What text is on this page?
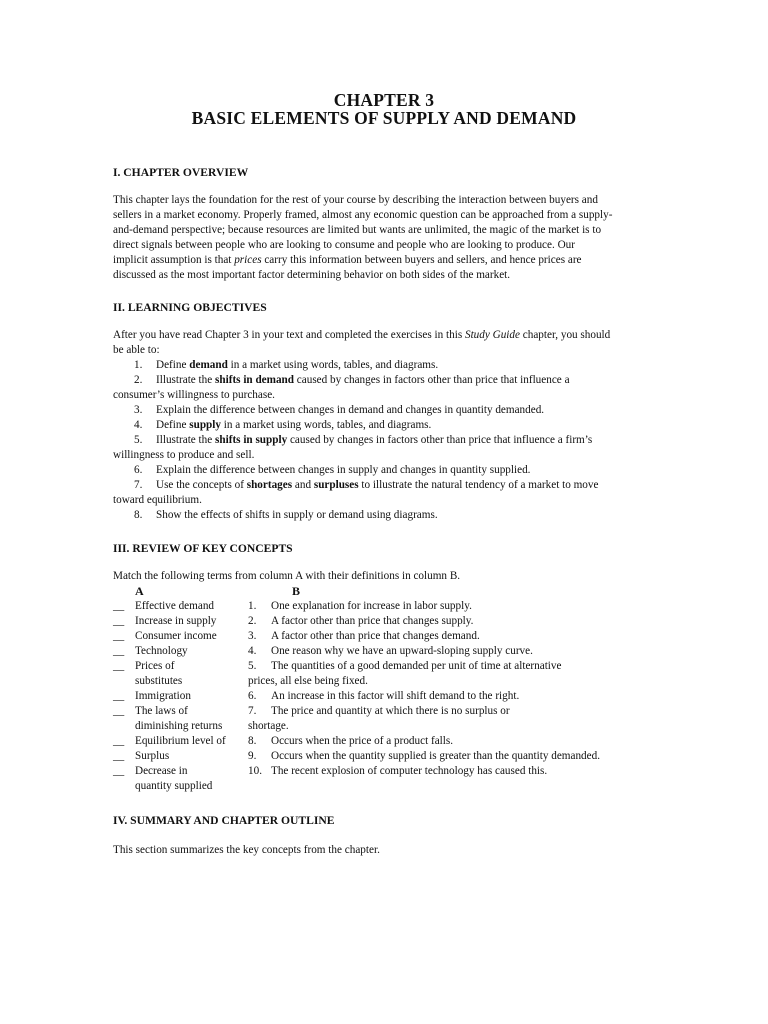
CHAPTER 3
BASIC ELEMENTS OF SUPPLY AND DEMAND
I. CHAPTER OVERVIEW
This chapter lays the foundation for the rest of your course by describing the interaction between buyers and
sellers in a market economy. Properly framed, almost any economic question can be approached from a supply-
and-demand perspective; because resources are limited but wants are unlimited, the magic of the market is to
direct signals between people who are looking to consume and people who are looking to produce. Our
implicit assumption is that prices carry this information between buyers and sellers, and hence prices are
discussed as the most important factor determining behavior on both sides of the market.
II. LEARNING OBJECTIVES
After you have read Chapter 3 in your text and completed the exercises in this Study Guide chapter, you should
be able to:
1. Define demand in a market using words, tables, and diagrams.
2. Illustrate the shifts in demand caused by changes in factors other than price that influence a
consumer’s willingness to purchase.
3. Explain the difference between changes in demand and changes in quantity demanded.
4. Define supply in a market using words, tables, and diagrams.
5. Illustrate the shifts in supply caused by changes in factors other than price that influence a firm’s
willingness to produce and sell.
6. Explain the difference between changes in supply and changes in quantity supplied.
7. Use the concepts of shortages and surpluses to illustrate the natural tendency of a market to move
toward equilibrium.
8. Show the effects of shifts in supply or demand using diagrams.
III. REVIEW OF KEY CONCEPTS
Match the following terms from column A with their definitions in column B.
A	B
__ Effective demand	1. One explanation for increase in labor supply.
__ Increase in supply	2. A factor other than price that changes supply.
__ Consumer income	3. A factor other than price that changes demand.
__ Technology	4. One reason why we have an upward-sloping supply curve.
__ Prices of	5. The quantities of a good demanded per unit of time at alternative
substitutes	prices, all else being fixed.
__ Immigration	6. An increase in this factor will shift demand to the right.
__ The laws of	7. The price and quantity at which there is no surplus or
diminishing returns	shortage.
__ Equilibrium level of	8. Occurs when the price of a product falls.
__ Surplus	9. Occurs when the quantity supplied is greater than the quantity demanded.
__ Decrease in	10. The recent explosion of computer technology has caused this.
quantity supplied
IV. SUMMARY AND CHAPTER OUTLINE
This section summarizes the key concepts from the chapter.
